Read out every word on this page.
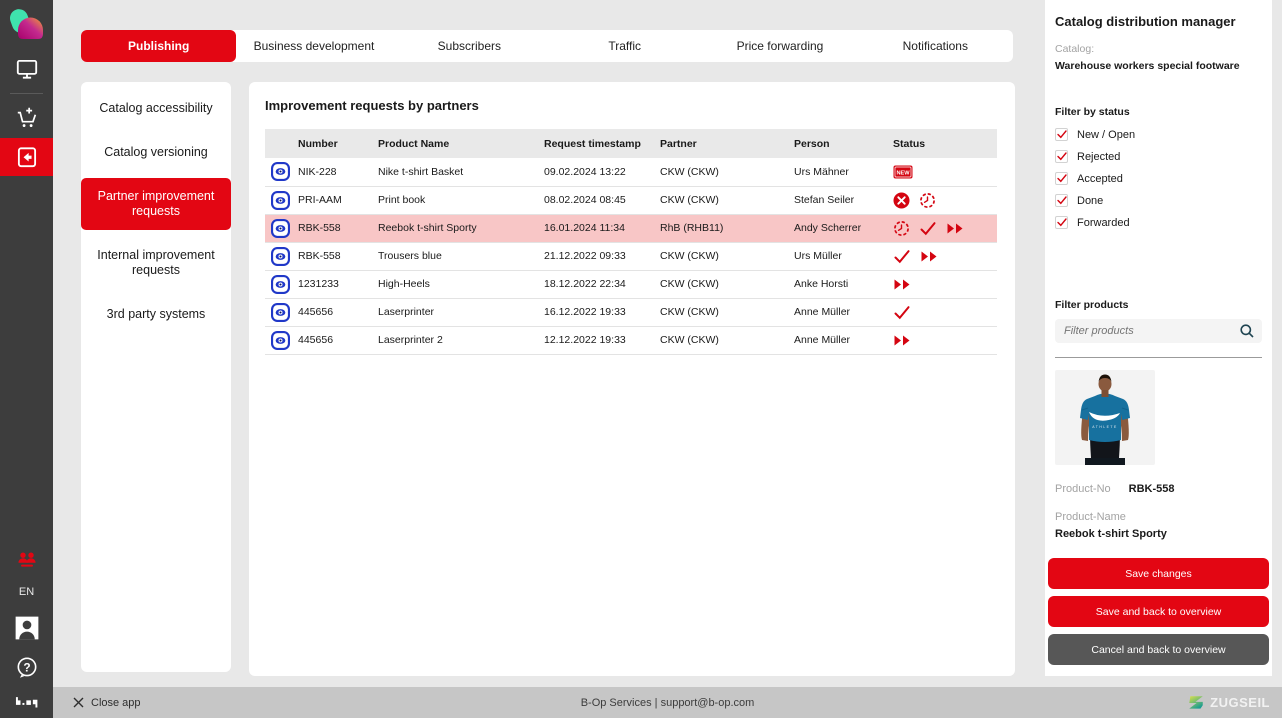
EN
?
Publishing	Business development	Subscribers	Traffic	Price forwarding	Notifications
Catalog accessibility
Catalog versioning
Partner improvement requests
Internal improvement requests
3rd party systems
Improvement requests by partners
	Number	Product Name	Request timestamp	Partner	Person	Status

	NIK-228	Nike t-shirt Basket	09.02.2024 13:22	CKW (CKW)	Urs Mähner	NEW

	PRI-AAM	Print book	08.02.2024 08:45	CKW (CKW)	Stefan Seiler	

	RBK-558	Reebok t-shirt Sporty	16.01.2024 11:34	RhB (RHB11)	Andy Scherrer	

	RBK-558	Trousers blue	21.12.2022 09:33	CKW (CKW)	Urs Müller	

	1231233	High-Heels	18.12.2022 22:34	CKW (CKW)	Anke Horsti	

	445656	Laserprinter	16.12.2022 19:33	CKW (CKW)	Anne Müller	

	445656	Laserprinter 2	12.12.2022 19:33	CKW (CKW)	Anne Müller	
Catalog distribution manager
Catalog:
Warehouse workers special footware
Filter by status
New / Open
Rejected
Accepted
Done
Forwarded
Filter products
Filter products
ATHLETE
Product-No RBK-558
Product-Name
Reebok t-shirt Sporty
Save changes
Save and back to overview
Cancel and back to overview
Close app	B-Op Services | support@b-op.com	ZUGSEIL
